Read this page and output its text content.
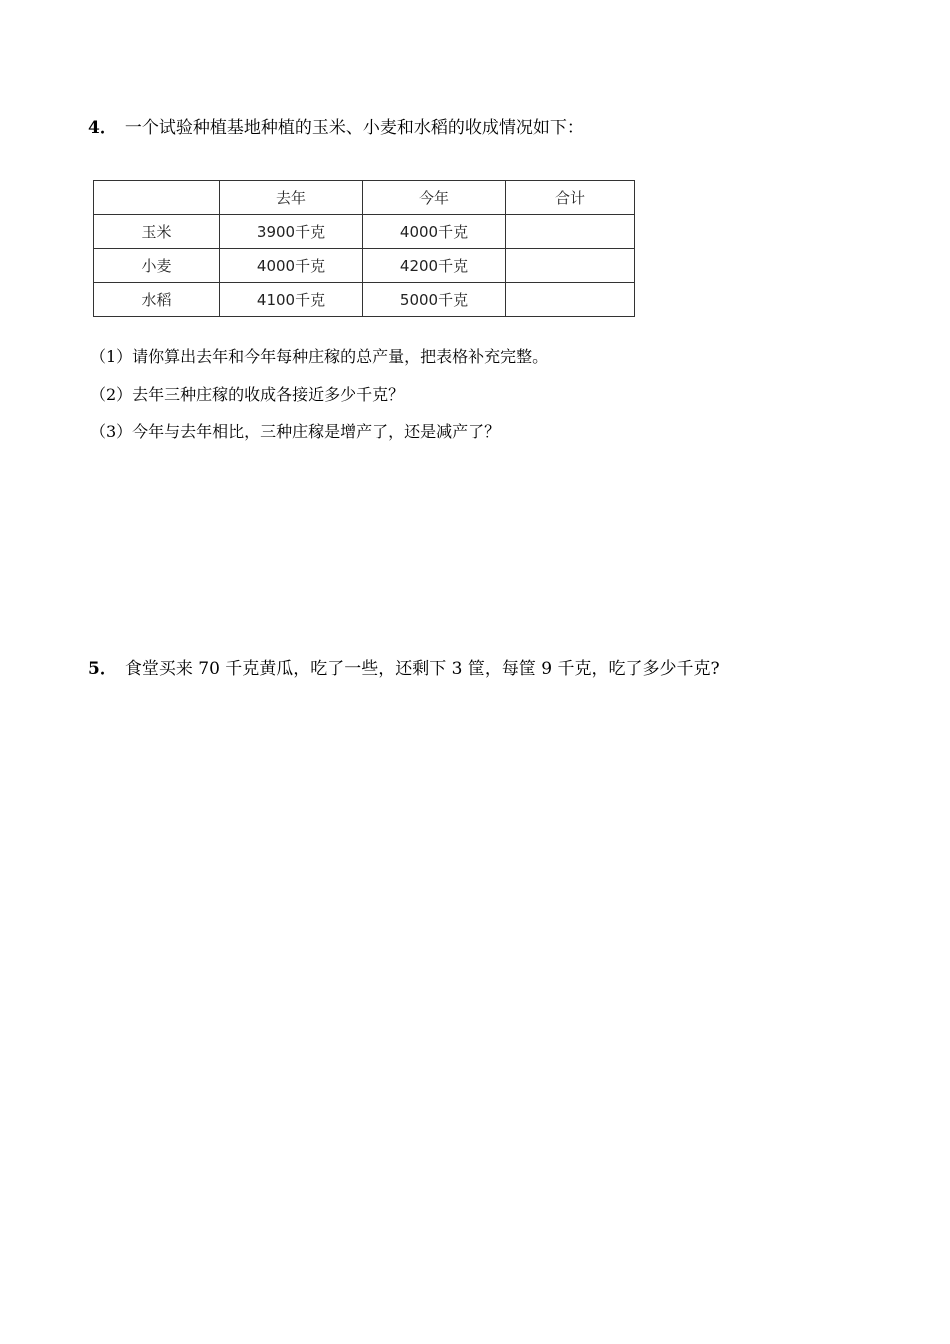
4． 一个试验种植基地种植的玉米、小麦和水稻的收成情况如下：
	去年	今年	合计
玉米	3900千克	4000千克	
小麦	4000千克	4200千克	
水稻	4100千克	5000千克	
（1）请你算出去年和今年每种庄稼的总产量，把表格补充完整。
（2）去年三种庄稼的收成各接近多少千克？
（3）今年与去年相比，三种庄稼是增产了，还是减产了？
5． 食堂买来 70 千克黄瓜，吃了一些，还剩下 3 筐，每筐 9 千克，吃了多少千克?
